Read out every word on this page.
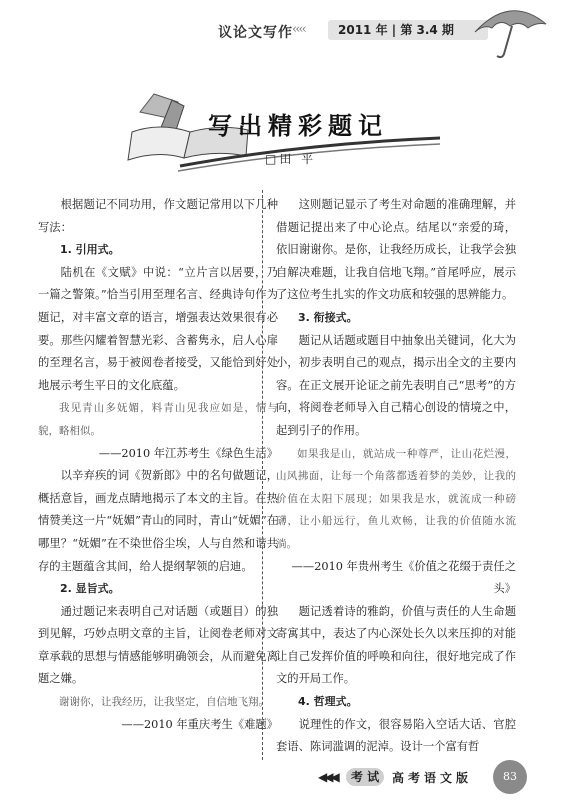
议论文写作 ‹‹‹‹	2011 年 | 第 3.4 期
写出精彩题记
□田 平

根据题记不同功用，作文题记常用以下几种写法：

1. 引用式。

陆机在《文赋》中说：“立片言以居要，乃一篇之警策。”恰当引用至理名言、经典诗句作为题记，对丰富文章的语言，增强表达效果很有必要。那些闪耀着智慧光彩、含蓄隽永，启人心扉的至理名言，易于被阅卷者接受，又能恰到好处地展示考生平日的文化底蕴。

我见青山多妩媚，料青山见我应如是，情与貌，略相似。

——2010 年江苏考生《绿色生活》

以辛弃疾的词《贺新郎》中的名句做题记，概括意旨，画龙点睛地揭示了本文的主旨。在热情赞美这一片“妩媚”青山的同时，青山“妩媚”在哪里？“妩媚”在不染世俗尘埃，人与自然和谐共存的主题蕴含其间，给人提纲挈领的启迪。

2. 显旨式。

通过题记来表明自己对话题（或题目）的独到见解，巧妙点明文章的主旨，让阅卷老师对文章承载的思想与情感能够明确领会，从而避免离题之嫌。

谢谢你，让我经历，让我坚定，自信地飞翔。

——2010 年重庆考生《难题》

这则题记显示了考生对命题的准确理解，并借题记提出来了中心论点。结尾以“亲爱的琦，依旧谢谢你。是你，让我经历成长，让我学会独自解决难题，让我自信地飞翔。”首尾呼应，展示了这位考生扎实的作文功底和较强的思辨能力。

3. 衔接式。

题记从话题或题目中抽象出关键词，化大为小，初步表明自己的观点，揭示出全文的主要内容。在正文展开论证之前先表明自己“思考”的方向，将阅卷老师导入自己精心创设的情境之中，起到引子的作用。

如果我是山，就站成一种尊严，让山花烂漫，山风拂面，让每一个角落都透着梦的美妙，让我的价值在太阳下展现；如果我是水，就流成一种磅礴，让小船远行，鱼儿欢畅，让我的价值随水流淌。

——2010 年贵州考生《价值之花缀于责任之头》

题记透着诗的雅韵，价值与责任的人生命题寄寓其中，表达了内心深处长久以来压抑的对能让自己发挥价值的呼唤和向往，很好地完成了作文的开局工作。

4. 哲理式。

说理性的作文，很容易陷入空话大话、官腔套语、陈词滥调的泥淖。设计一个富有哲

◀◀◀	考 试	高考语文版	83
